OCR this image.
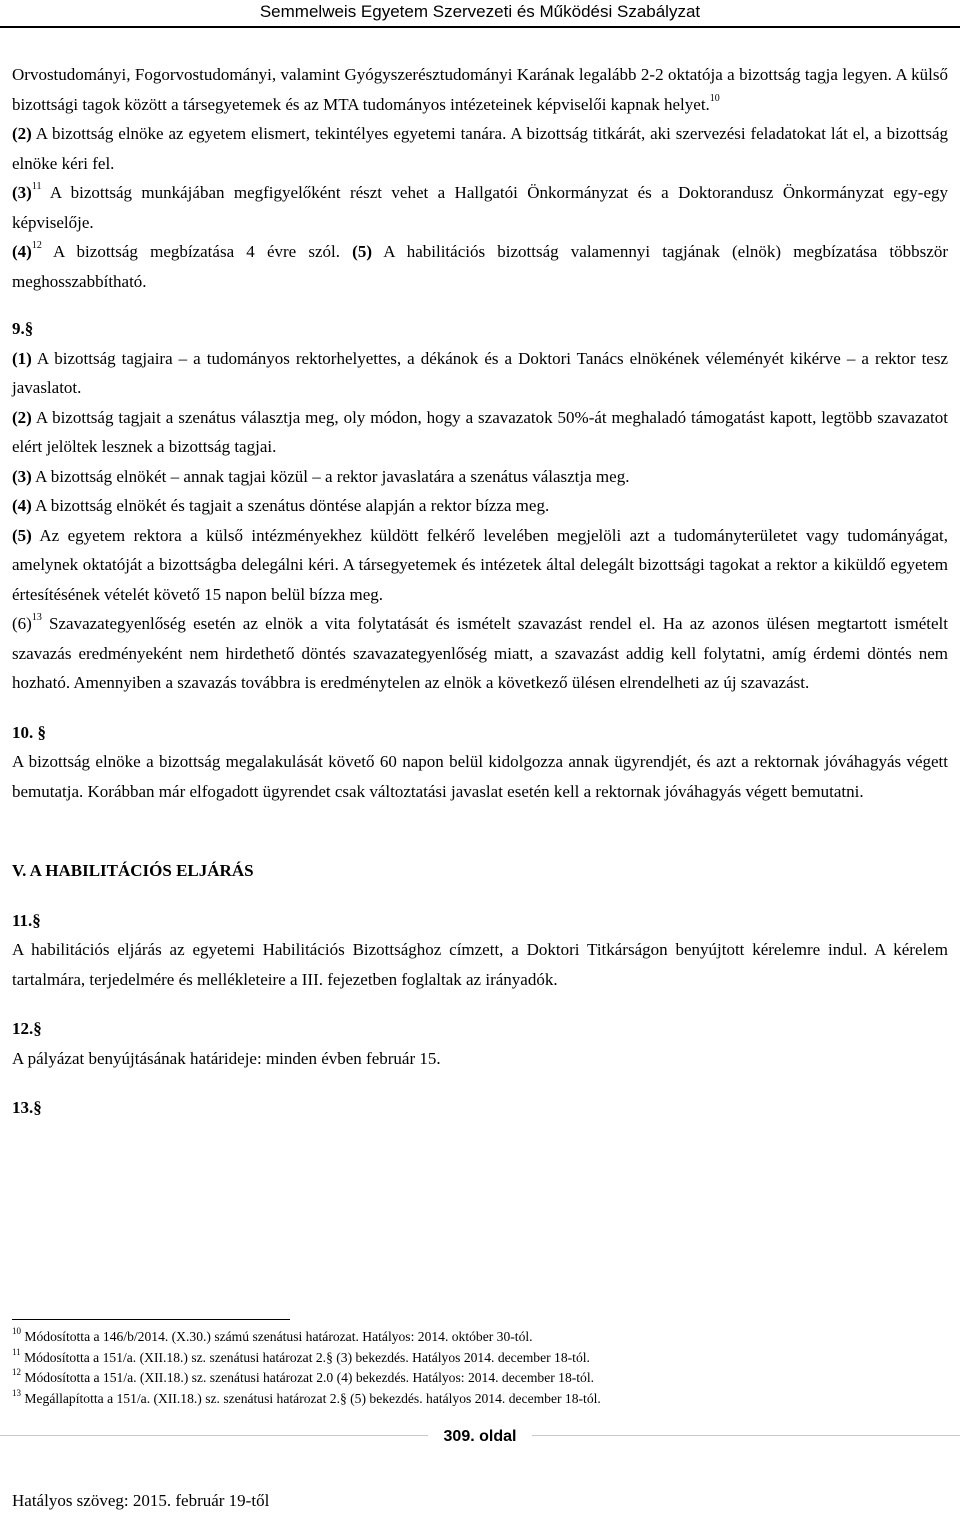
Semmelweis Egyetem Szervezeti és Működési Szabályzat

Orvostudományi, Fogorvostudományi, valamint Gyógyszerésztudományi Karának legalább 2-2 oktatója a bizottság tagja legyen. A külső bizottsági tagok között a társegyetemek és az MTA tudományos intézeteinek képviselői kapnak helyet.$^{10}$

(2) A bizottság elnöke az egyetem elismert, tekintélyes egyetemi tanára. A bizottság titkárát, aki szervezési feladatokat lát el, a bizottság elnöke kéri fel.

$(3)^{11}$ A bizottság munkájában megfigyelőként részt vehet a Hallgatói Önkormányzat és a Doktorandusz Önkormányzat egy-egy képviselője.

$(4)^{12}$ A bizottság megbízatása 4 évre szól. (5) A habilitációs bizottság valamennyi tagjának (elnök) megbízatása többször meghosszabbítható.

9.§

(1) A bizottság tagjaira – a tudományos rektorhelyettes, a dékánok és a Doktori Tanács elnökének véleményét kikérve – a rektor tesz javaslatot.

(2) A bizottság tagjait a szenátus választja meg, oly módon, hogy a szavazatok 50%-át meghaladó támogatást kapott, legtöbb szavazatot elért jelöltek lesznek a bizottság tagjai.

(3) A bizottság elnökét – annak tagjai közül – a rektor javaslatára a szenátus választja meg.

(4) A bizottság elnökét és tagjait a szenátus döntése alapján a rektor bízza meg.

(5) Az egyetem rektora a külső intézményekhez küldött felkérő levelében megjelöli azt a tudományterületet vagy tudományágat, amelynek oktatóját a bizottságba delegálni kéri. A társegyetemek és intézetek által delegált bizottsági tagokat a rektor a kiküldő egyetem értesítésének vételét követő 15 napon belül bízza meg.

$(6)^{13}$ Szavazategyenlőség esetén az elnök a vita folytatását és ismételt szavazást rendel el. Ha az azonos ülésen megtartott ismételt szavazás eredményeként nem hirdethető döntés szavazategyenlőség miatt, a szavazást addig kell folytatni, amíg érdemi döntés nem hozható. Amennyiben a szavazás továbbra is eredménytelen az elnök a következő ülésen elrendelheti az új szavazást.

10. §

A bizottság elnöke a bizottság megalakulását követő 60 napon belül kidolgozza annak ügyrendjét, és azt a rektornak jóváhagyás végett bemutatja. Korábban már elfogadott ügyrendet csak változtatási javaslat esetén kell a rektornak jóváhagyás végett bemutatni.

V. A HABILITÁCIÓS ELJÁRÁS

11.§

A habilitációs eljárás az egyetemi Habilitációs Bizottsághoz címzett, a Doktori Titkárságon benyújtott kérelemre indul. A kérelem tartalmára, terjedelmére és mellékleteire a III. fejezetben foglaltak az irányadók.

12.§

A pályázat benyújtásának határideje: minden évben február 15.

13.§

$^{10}$ Módosította a 146/b/2014. (X.30.) számú szenátusi határozat. Hatályos: 2014. október 30-tól.

$^{11}$ Módosította a 151/a. (XII.18.) sz. szenátusi határozat 2.§ (3) bekezdés. Hatályos 2014. december 18-tól.

$^{12}$ Módosította a 151/a. (XII.18.) sz. szenátusi határozat 2.0 (4) bekezdés. Hatályos: 2014. december 18-tól.

$^{13}$ Megállapította a 151/a. (XII.18.) sz. szenátusi határozat 2.§ (5) bekezdés. hatályos 2014. december 18-tól.

309. oldal
Hatályos szöveg: 2015. február 19-től
